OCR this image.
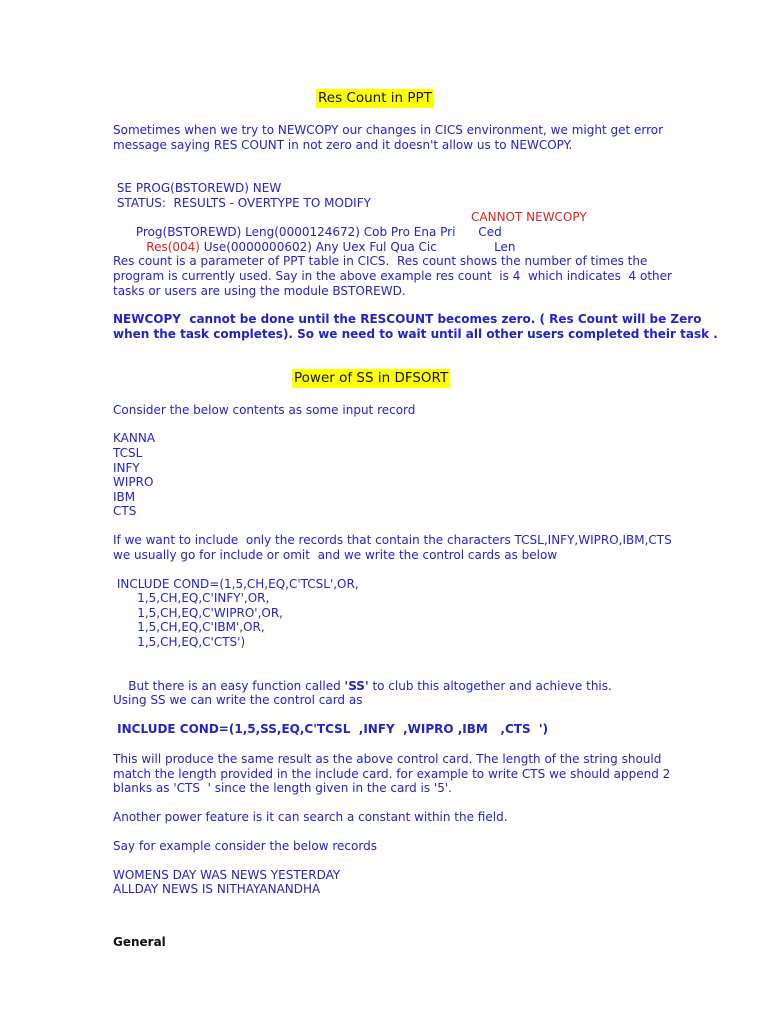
Res Count in PPT
Sometimes when we try to NEWCOPY our changes in CICS environment, we might get error
message saying RES COUNT in not zero and it doesn't allow us to NEWCOPY.
SE PROG(BSTOREWD) NEW
STATUS:  RESULTS - OVERTYPE TO MODIFY

Prog(BSTOREWD) Leng(0000124672) Cob Pro Ena Pri      Ced

CANNOT NEWCOPY

Res(004) Use(0000000602) Any Uex Ful Qua Cic               Len

Res count is a parameter of PPT table in CICS.  Res count shows the number of times the
program is currently used. Say in the above example res count  is 4  which indicates  4 other
tasks or users are using the module BSTOREWD.
NEWCOPY  cannot be done until the RESCOUNT becomes zero. ( Res Count will be Zero
when the task completes). So we need to wait until all other users completed their task .
Power of SS in DFSORT
Consider the below contents as some input record
KANNA
TCSL
INFY
WIPRO
IBM
CTS
If we want to include  only the records that contain the characters TCSL,INFY,WIPRO,IBM,CTS
we usually go for include or omit  and we write the control cards as below
INCLUDE COND=(1,5,CH,EQ,C'TCSL',OR,
1,5,CH,EQ,C'INFY',OR,
1,5,CH,EQ,C'WIPRO',OR,
1,5,CH,EQ,C'IBM',OR,
1,5,CH,EQ,C'CTS')

But there is an easy function called 'SS' to club this altogether and achieve this.

Using SS we can write the control card as
INCLUDE COND=(1,5,SS,EQ,C'TCSL  ,INFY  ,WIPRO ,IBM   ,CTS  ')
This will produce the same result as the above control card. The length of the string should
match the length provided in the include card. for example to write CTS we should append 2
blanks as 'CTS  ' since the length given in the card is '5'.
Another power feature is it can search a constant within the field.
Say for example consider the below records
WOMENS DAY WAS NEWS YESTERDAY
ALLDAY NEWS IS NITHAYANANDHA
General
